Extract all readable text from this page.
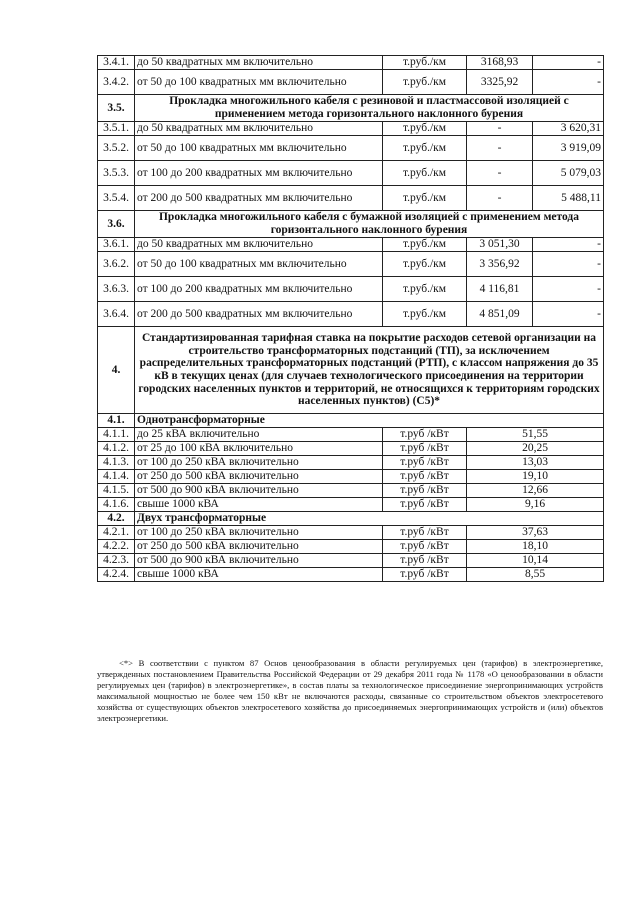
3.4.1.	до 50 квадратных мм включительно	т.руб./км	3168,93	-
3.4.2.	от 50 до 100 квадратных мм включительно	т.руб./км	3325,92	-
3.5.	Прокладка многожильного кабеля с резиновой и пластмассовой изоляцией с применением метода горизонтального наклонного бурения			
3.5.1.	до 50 квадратных мм включительно	т.руб./км	-	3 620,31
3.5.2.	от 50 до 100 квадратных мм включительно	т.руб./км	-	3 919,09
3.5.3.	от 100 до 200 квадратных мм включительно	т.руб./км	-	5 079,03
3.5.4.	от 200 до 500 квадратных мм включительно	т.руб./км	-	5 488,11
3.6.	Прокладка многожильного кабеля с бумажной изоляцией с применением метода горизонтального наклонного бурения			
3.6.1.	до 50 квадратных мм включительно	т.руб./км	3 051,30	-
3.6.2.	от 50 до 100 квадратных мм включительно	т.руб./км	3 356,92	-
3.6.3.	от 100 до 200 квадратных мм включительно	т.руб./км	4 116,81	-
3.6.4.	от 200 до 500 квадратных мм включительно	т.руб./км	4 851,09	-
4.	Стандартизированная тарифная ставка на покрытие расходов сетевой организации на строительство трансформаторных подстанций (ТП), за исключением распределительных трансформаторных подстанций (РТП), с классом напряжения до 35 кВ в текущих ценах (для случаев технологического присоединения на территории городских населенных пунктов и территорий, не относящихся к территориям городских населенных пунктов) (С5)*			
4.1.	Однотрансформаторные			
4.1.1.	до 25 кВА включительно	т.руб /кВт	51,55	
4.1.2.	от 25 до 100 кВА включительно	т.руб /кВт	20,25	
4.1.3.	от 100 до 250 кВА включительно	т.руб /кВт	13,03	
4.1.4.	от 250 до 500 кВА включительно	т.руб /кВт	19,10	
4.1.5.	от 500 до 900 кВА включительно	т.руб /кВт	12,66	
4.1.6.	свыше 1000 кВА	т.руб /кВт	9,16	
4.2.	Двух трансформаторные			
4.2.1.	от 100 до 250 кВА включительно	т.руб /кВт	37,63	
4.2.2.	от 250 до 500 кВА включительно	т.руб /кВт	18,10	
4.2.3.	от 500 до 900 кВА включительно	т.руб /кВт	10,14	
4.2.4.	свыше 1000 кВА	т.руб /кВт	8,55	
<*> В соответствии с пунктом 87 Основ ценообразования в области регулируемых цен (тарифов) в электроэнергетике, утвержденных постановлением Правительства Российской Федерации от 29 декабря 2011 года № 1178 «О ценообразовании в области регулируемых цен (тарифов) в электроэнергетике», в состав платы за технологическое присоединение энергопринимающих устройств максимальной мощностью не более чем 150 кВт не включаются расходы, связанные со строительством объектов электросетевого хозяйства от существующих объектов электросетевого хозяйства до присоединяемых энергопринимающих устройств и (или) объектов электроэнергетики.
